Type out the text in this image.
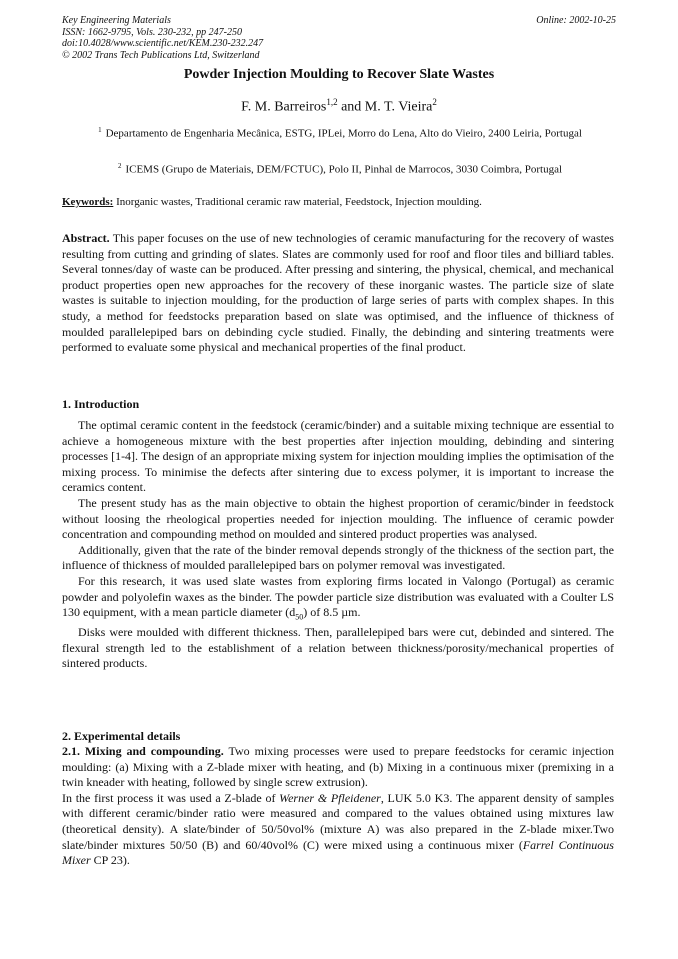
Key Engineering Materials
ISSN: 1662-9795, Vols. 230-232, pp 247-250
doi:10.4028/www.scientific.net/KEM.230-232.247
© 2002 Trans Tech Publications Ltd, Switzerland
Online: 2002-10-25
Powder Injection Moulding to Recover Slate Wastes
F. M. Barreiros$^{1,2}$ and M. T. Vieira$^2$
$^1$ Departamento de Engenharia Mecânica, ESTG, IPLei, Morro do Lena, Alto do Vieiro, 2400 Leiria, Portugal
$^2$ ICEMS (Grupo de Materiais, DEM/FCTUC), Polo II, Pinhal de Marrocos, 3030 Coimbra, Portugal
Keywords: Inorganic wastes, Traditional ceramic raw material, Feedstock, Injection moulding.

Abstract. This paper focuses on the use of new technologies of ceramic manufacturing for the recovery of wastes resulting from cutting and grinding of slates. Slates are commonly used for roof and floor tiles and billiard tables. Several tonnes/day of waste can be produced. After pressing and sintering, the physical, chemical, and mechanical product properties open new approaches for the recovery of these inorganic wastes. The particle size of slate wastes is suitable to injection moulding, for the production of large series of parts with complex shapes. In this study, a method for feedstocks preparation based on slate was optimised, and the influence of thickness of moulded parallelepiped bars on debinding cycle studied. Finally, the debinding and sintering treatments were performed to evaluate some physical and mechanical properties of the final product.

1. Introduction

The optimal ceramic content in the feedstock (ceramic/binder) and a suitable mixing technique are essential to achieve a homogeneous mixture with the best properties after injection moulding, debinding and sintering processes [1-4]. The design of an appropriate mixing system for injection moulding implies the optimisation of the mixing process. To minimise the defects after sintering due to excess polymer, it is important to increase the ceramics content.

The present study has as the main objective to obtain the highest proportion of ceramic/binder in feedstock without loosing the rheological properties needed for injection moulding. The influence of ceramic powder concentration and compounding method on moulded and sintered product properties was analysed.

Additionally, given that the rate of the binder removal depends strongly of the thickness of the section part, the influence of thickness of moulded parallelepiped bars on polymer removal was investigated.

For this research, it was used slate wastes from exploring firms located in Valongo (Portugal) as ceramic powder and polyolefin waxes as the binder. The powder particle size distribution was evaluated with a Coulter LS 130 equipment, with a mean particle diameter $(d_{50})$ of 8.5 µm.

Disks were moulded with different thickness. Then, parallelepiped bars were cut, debinded and sintered. The flexural strength led to the establishment of a relation between thickness/porosity/mechanical properties of sintered products.

2. Experimental details

2.1. Mixing and compounding. Two mixing processes were used to prepare feedstocks for ceramic injection moulding: (a) Mixing with a Z-blade mixer with heating, and (b) Mixing in a continuous mixer (premixing in a twin kneader with heating, followed by single screw extrusion).

In the first process it was used a Z-blade of Werner & Pfleidener, LUK 5.0 K3. The apparent density of samples with different ceramic/binder ratio were measured and compared to the values obtained using mixtures law (theoretical density). A slate/binder of 50/50vol% (mixture A) was also prepared in the Z-blade mixer.Two slate/binder mixtures 50/50 (B) and 60/40vol% (C) were mixed using a continuous mixer (Farrel Continuous Mixer CP 23).
